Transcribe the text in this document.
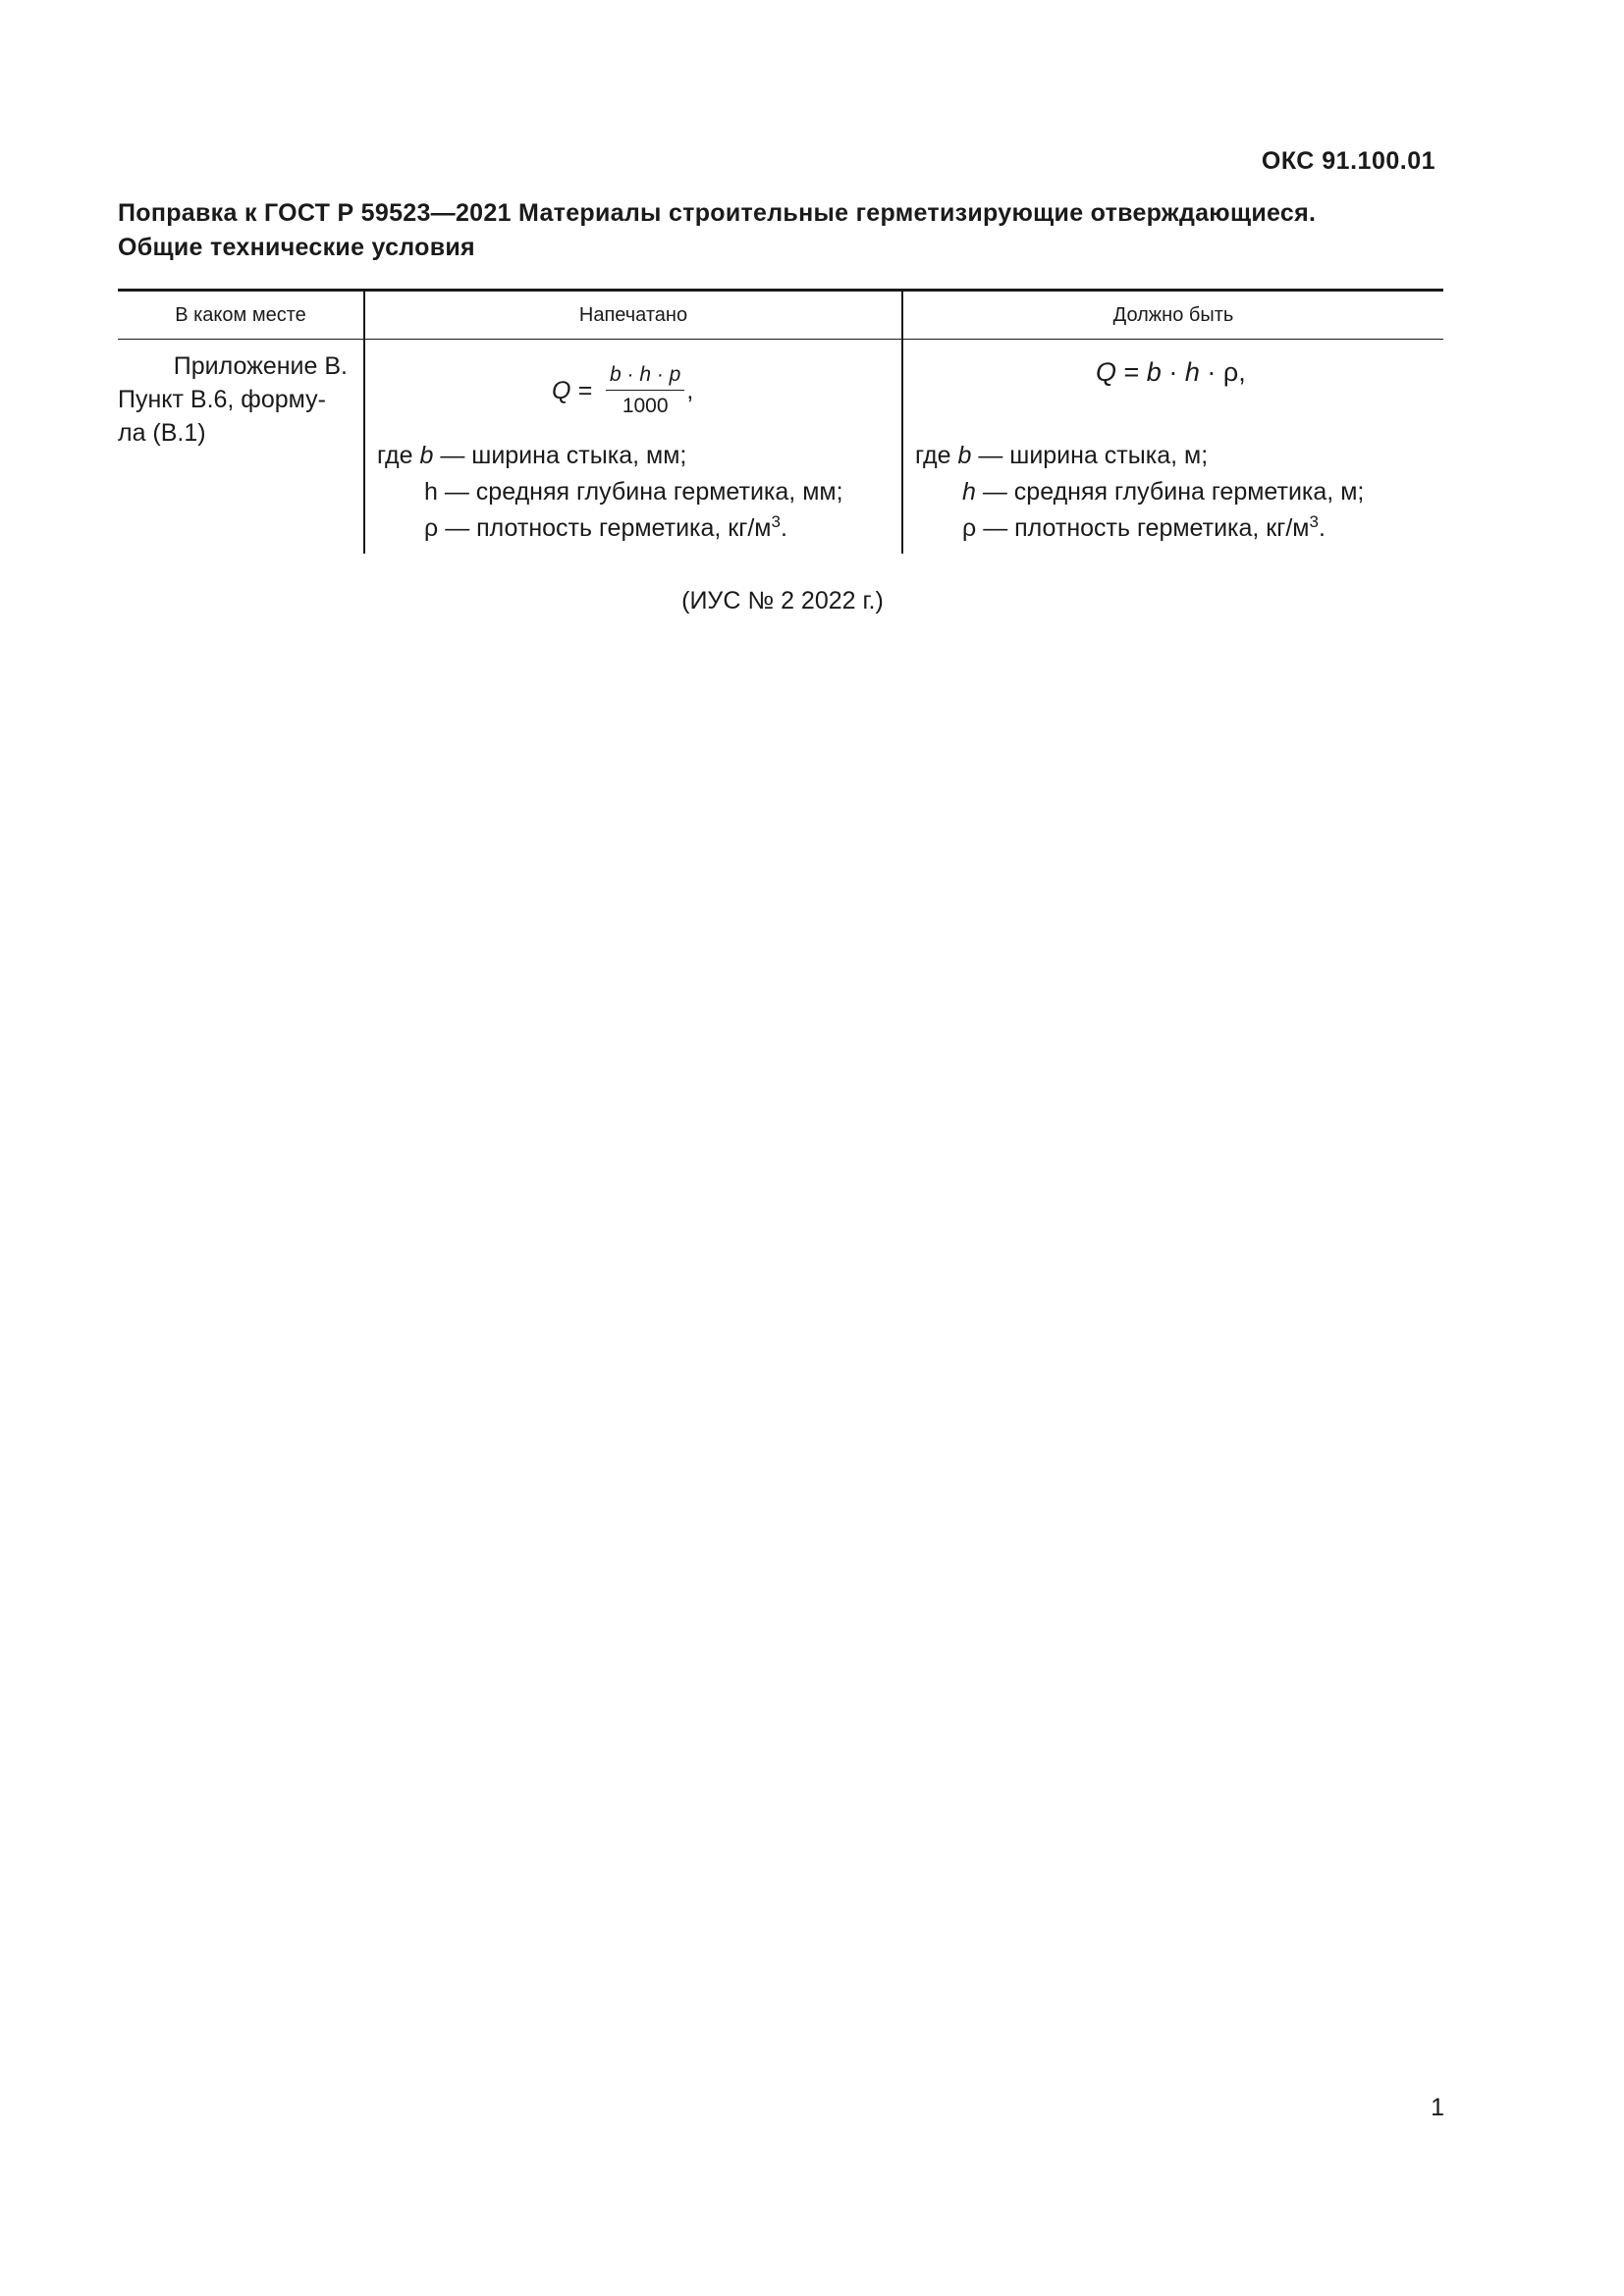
ОКС 91.100.01
Поправка к ГОСТ Р 59523—2021 Материалы строительные герметизирующие отверждающиеся.
Общие технические условия
В каком месте	Напечатано	Должно быть
Приложение В.
Пункт В.6, форму-
ла (В.1)
$Q = \frac{b \cdot h \cdot p}{1000}$ ,
где b — ширина стыка, мм;
h — средняя глубина герметика, мм;
ρ — плотность герметика, $кг/м^3$.
Q = b · h · ρ,
где b — ширина стыка, м;
h — средняя глубина герметика, м;
ρ — плотность герметика, $кг/м^3$.
(ИУС № 2 2022 г.)
1
